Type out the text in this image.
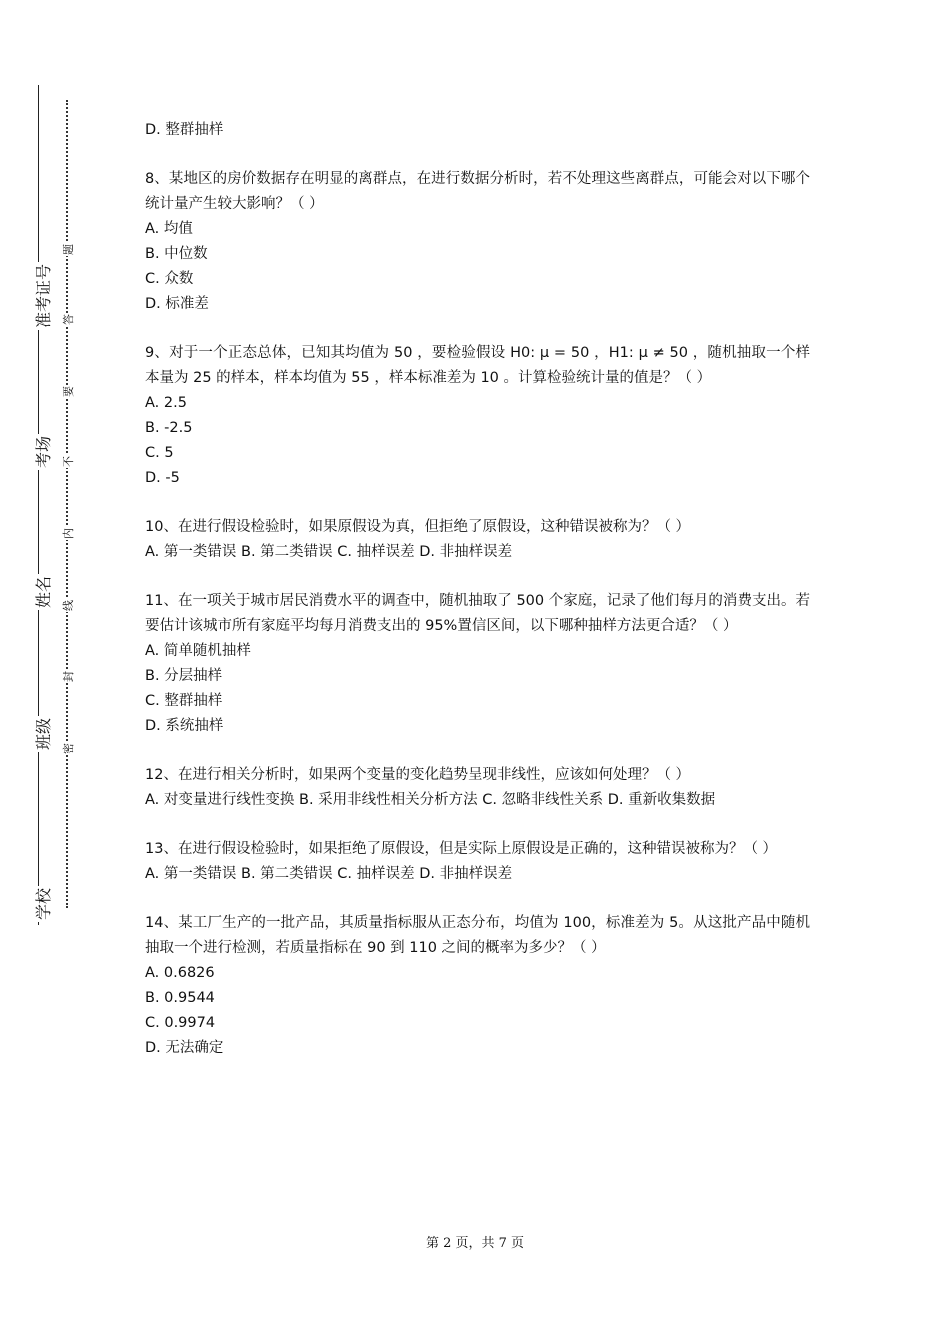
准考证号
考场
姓名
班级
学校
题
答
要
不
内
线
封
密

D. 整群抽样

8、某地区的房价数据存在明显的离群点，在进行数据分析时，若不处理这些离群点，可能会对以下哪个统计量产生较大影响？（ ）

A. 均值

B. 中位数

C. 众数

D. 标准差

9、对于一个正态总体，已知其均值为 50 ，要检验假设 H0: μ = 50 ，H1: μ ≠ 50 ，随机抽取一个样本量为 25 的样本，样本均值为 55 ，样本标准差为 10 。计算检验统计量的值是？（ ）

A. 2.5

B. -2.5

C. 5

D. -5

10、在进行假设检验时，如果原假设为真，但拒绝了原假设，这种错误被称为？（ ）

A. 第一类错误 B. 第二类错误 C. 抽样误差 D. 非抽样误差

11、在一项关于城市居民消费水平的调查中，随机抽取了 500 个家庭，记录了他们每月的消费支出。若要估计该城市所有家庭平均每月消费支出的 95%置信区间，以下哪种抽样方法更合适？（ ）

A. 简单随机抽样

B. 分层抽样

C. 整群抽样

D. 系统抽样

12、在进行相关分析时，如果两个变量的变化趋势呈现非线性，应该如何处理？（ ）

A. 对变量进行线性变换 B. 采用非线性相关分析方法 C. 忽略非线性关系 D. 重新收集数据

13、在进行假设检验时，如果拒绝了原假设，但是实际上原假设是正确的，这种错误被称为？（ ）

A. 第一类错误 B. 第二类错误 C. 抽样误差 D. 非抽样误差

14、某工厂生产的一批产品，其质量指标服从正态分布，均值为 100，标准差为 5。从这批产品中随机抽取一个进行检测，若质量指标在 90 到 110 之间的概率为多少？（ ）

A. 0.6826

B. 0.9544

C. 0.9974

D. 无法确定

第 2 页，共 7 页
